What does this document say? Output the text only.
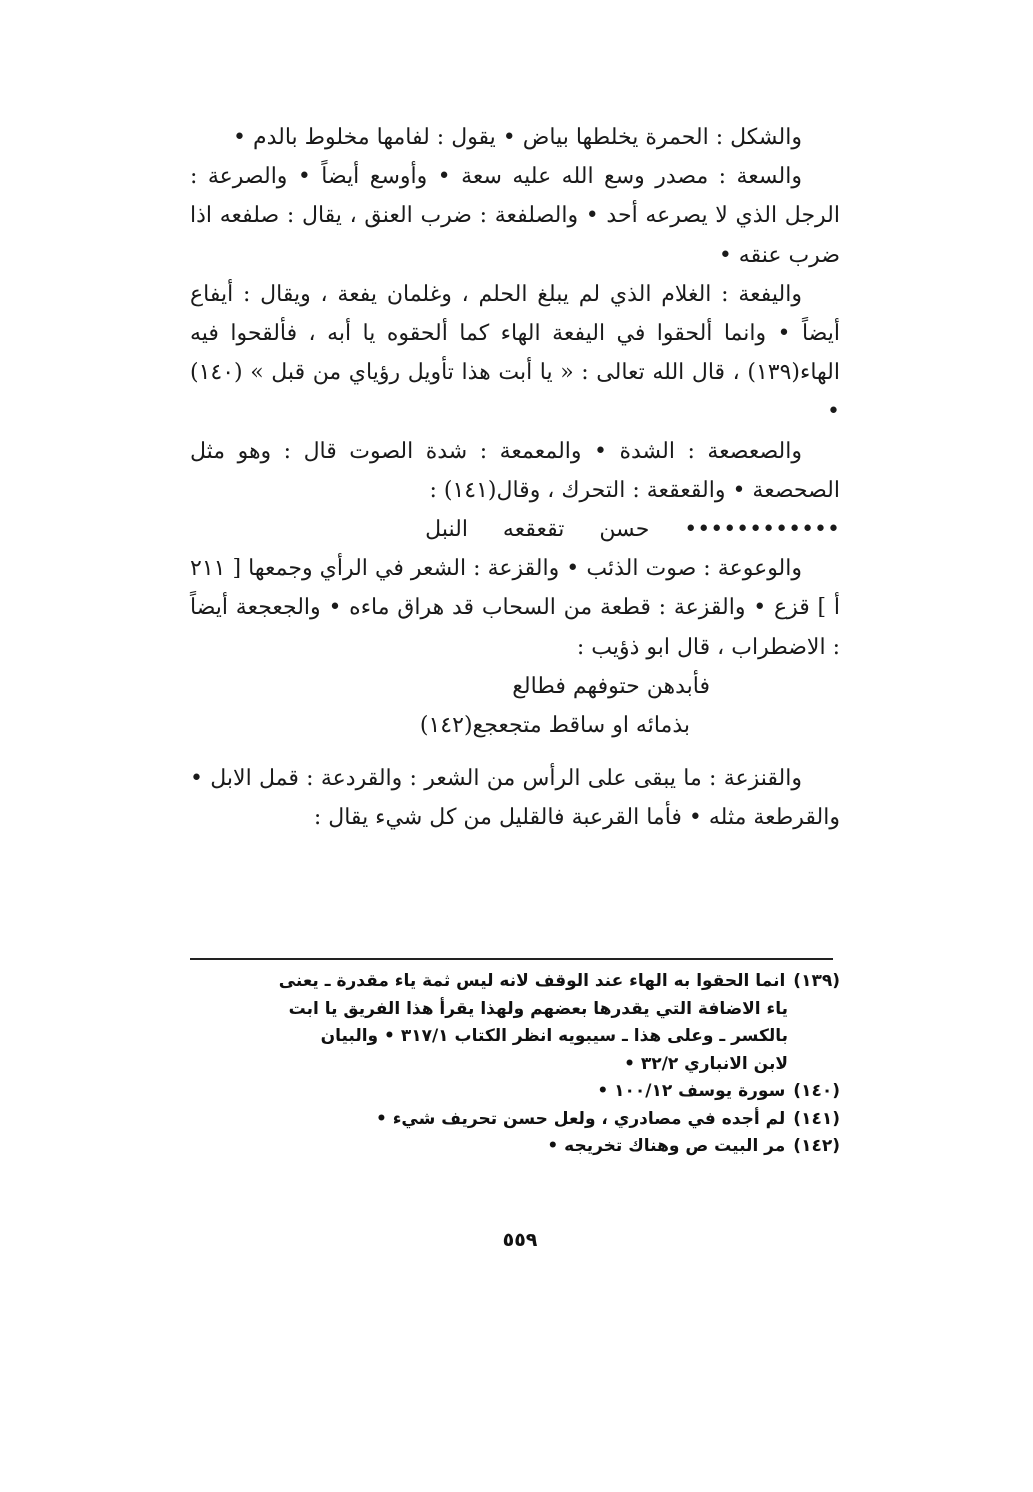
والشكل : الحمرة يخلطها بياض • يقول : لفامها مخلوط بالدم •

والسعة : مصدر وسع الله عليه سعة • وأوسع أيضاً • والصرعة : الرجل الذي لا يصرعه أحد • والصلفعة : ضرب العنق ، يقال : صلفعه اذا ضرب عنقه •

واليفعة : الغلام الذي لم يبلغ الحلم ، وغلمان يفعة ، ويقال : أيفاع أيضاً • وانما ألحقوا في اليفعة الهاء كما ألحقوه يا أبه ، فألقحوا فيه الهاء(١٣٩) ، قال الله تعالى : « يا أبت هذا تأويل رؤياي من قبل » (١٤٠) •

والصعصعة : الشدة • والمعمعة : شدة الصوت قال : وهو مثل الصحصعة • والقعقعة : التحرك ، وقال(١٤١) :

•••••••••••• حسن تقعقعه النبل

والوعوعة : صوت الذئب • والقزعة : الشعر في الرأي وجمعها [ ٢١١ أ ] قزع • والقزعة : قطعة من السحاب قد هراق ماءه • والجعجعة أيضاً : الاضطراب ، قال ابو ذؤيب :

فأبدهن حتوفهم فطالع

بذمائه او ساقط متجعجع(١٤٢)

والقنزعة : ما يبقى على الرأس من الشعر : والقردعة : قمل الابل • والقرطعة مثله • فأما القرعبة فالقليل من كل شيء يقال :

(١٣٩)انما الحقوا به الهاء عند الوقف لانه ليس ثمة ياء مقدرة ـ يعنى

ياء الاضافة التي يقدرها بعضهم ولهذا يقرأ هذا الفريق يا ابت

بالكسر ـ وعلى هذا ـ سيبويه انظر الكتاب ٣١٧/١ • والبيان

لابن الانباري ٣٢/٢ •

(١٤٠)سورة يوسف ١٠٠/١٢ •

(١٤١)لم أجده في مصادري ، ولعل حسن تحريف شيء •

(١٤٢)مر البيت ص وهناك تخريجه •

٥٥٩
